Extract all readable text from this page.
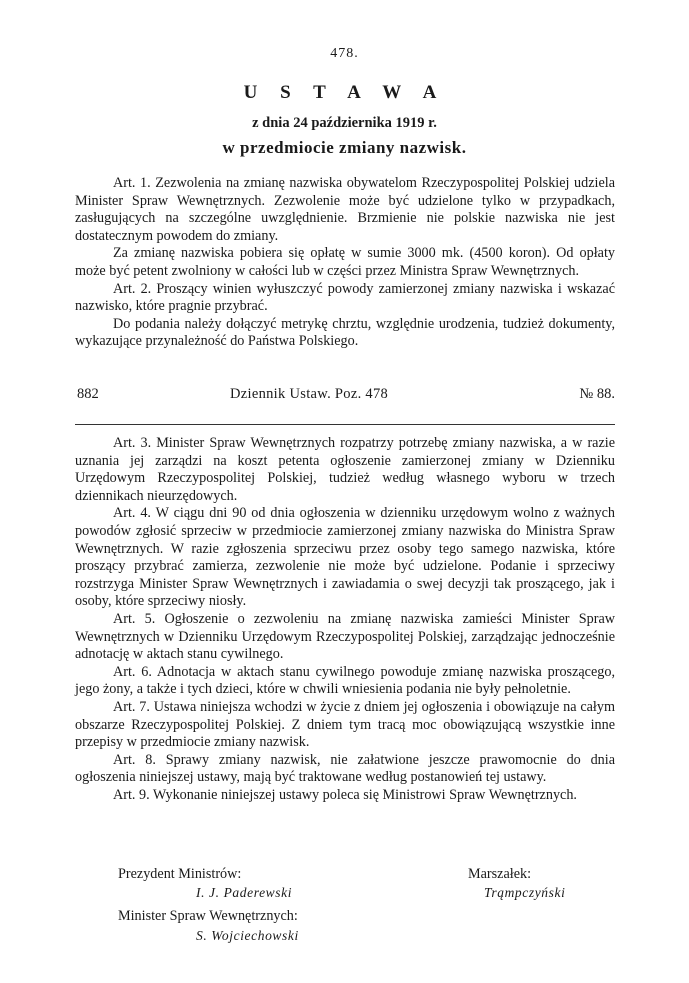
478.
U S T A W A
z dnia 24 października 1919 r.
w przedmiocie zmiany nazwisk.

Art. 1. Zezwolenia na zmianę nazwiska obywatelom Rzeczypospolitej Polskiej udziela Minister Spraw Wewnętrznych. Zezwolenie może być udzielone tylko w przypadkach, zasługujących na szczególne uwzględnienie. Brzmienie nie polskie nazwiska nie jest dostatecznym powodem do zmiany.

Za zmianę nazwiska pobiera się opłatę w sumie 3000 mk. (4500 koron). Od opłaty może być petent zwolniony w całości lub w części przez Ministra Spraw Wewnętrznych.

Art. 2. Proszący winien wyłuszczyć powody zamierzonej zmiany nazwiska i wskazać nazwisko, które pragnie przybrać.

Do podania należy dołączyć metrykę chrztu, względnie urodzenia, tudzież dokumenty, wykazujące przynależność do Państwa Polskiego.

882	Dziennik Ustaw. Poz. 478	№ 88.

Art. 3. Minister Spraw Wewnętrznych rozpatrzy potrzebę zmiany nazwiska, a w razie uznania jej zarządzi na koszt petenta ogłoszenie zamierzonej zmiany w Dzienniku Urzędowym Rzeczypospolitej Polskiej, tudzież według własnego wyboru w trzech dziennikach nieurzędowych.

Art. 4. W ciągu dni 90 od dnia ogłoszenia w dzienniku urzędowym wolno z ważnych powodów zgłosić sprzeciw w przedmiocie zamierzonej zmiany nazwiska do Ministra Spraw Wewnętrznych. W razie zgłoszenia sprzeciwu przez osoby tego samego nazwiska, które proszący przybrać zamierza, zezwolenie nie może być udzielone. Podanie i sprzeciwy rozstrzyga Minister Spraw Wewnętrznych i zawiadamia o swej decyzji tak proszącego, jak i osoby, które sprzeciwy niosły.

Art. 5. Ogłoszenie o zezwoleniu na zmianę nazwiska zamieści Minister Spraw Wewnętrznych w Dzienniku Urzędowym Rzeczypospolitej Polskiej, zarządzając jednocześnie adnotację w aktach stanu cywilnego.

Art. 6. Adnotacja w aktach stanu cywilnego powoduje zmianę nazwiska proszącego, jego żony, a także i tych dzieci, które w chwili wniesienia podania nie były pełnoletnie.

Art. 7. Ustawa niniejsza wchodzi w życie z dniem jej ogłoszenia i obowiązuje na całym obszarze Rzeczypospolitej Polskiej. Z dniem tym tracą moc obowiązującą wszystkie inne przepisy w przedmiocie zmiany nazwisk.

Art. 8. Sprawy zmiany nazwisk, nie załatwione jeszcze prawomocnie do dnia ogłoszenia niniejszej ustawy, mają być traktowane według postanowień tej ustawy.

Art. 9. Wykonanie niniejszej ustawy poleca się Ministrowi Spraw Wewnętrznych.

Prezydent Ministrów:
I. J. Paderewski
Marszałek:
Trąmpczyński
Minister Spraw Wewnętrznych:
S. Wojciechowski
